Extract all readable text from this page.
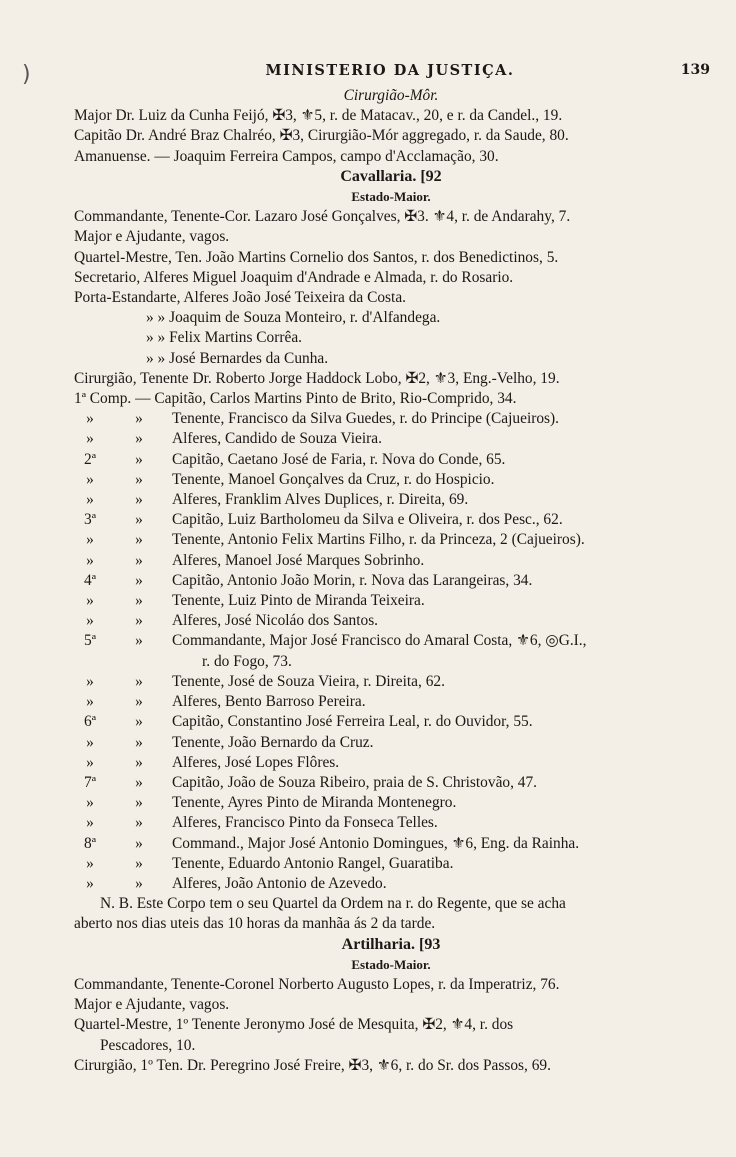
)	MINISTERIO DA JUSTIÇA.	139
Cirurgião-Môr.
Major Dr. Luiz da Cunha Feijó, ✠3, ⚜5, r. de Matacav., 20, e r. da Candel., 19.
Capitão Dr. André Braz Chalréo, ✠3, Cirurgião-Mór aggregado, r. da Saude, 80.
Amanuense. — Joaquim Ferreira Campos, campo d'Acclamação, 30.
Cavallaria. [92
Estado-Maior.
Commandante, Tenente-Cor. Lazaro José Gonçalves, ✠3. ⚜4, r. de Andarahy, 7.
Major e Ajudante, vagos.
Quartel-Mestre, Ten. João Martins Cornelio dos Santos, r. dos Benedictinos, 5.
Secretario, Alferes Miguel Joaquim d'Andrade e Almada, r. do Rosario.
Porta-Estandarte, Alferes João José Teixeira da Costa.
» » Joaquim de Souza Monteiro, r. d'Alfandega.
» » Felix Martins Corrêa.
» » José Bernardes da Cunha.
Cirurgião, Tenente Dr. Roberto Jorge Haddock Lobo, ✠2, ⚜3, Eng.-Velho, 19.
1ª Comp. — Capitão, Carlos Martins Pinto de Brito, Rio-Comprido, 34.
»	» Tenente, Francisco da Silva Guedes, r. do Principe (Cajueiros).
»	» Alferes, Candido de Souza Vieira.
2ª	» Capitão, Caetano José de Faria, r. Nova do Conde, 65.
»	» Tenente, Manoel Gonçalves da Cruz, r. do Hospicio.
»	» Alferes, Franklim Alves Duplices, r. Direita, 69.
3ª	» Capitão, Luiz Bartholomeu da Silva e Oliveira, r. dos Pesc., 62.
»	» Tenente, Antonio Felix Martins Filho, r. da Princeza, 2 (Cajueiros).
»	» Alferes, Manoel José Marques Sobrinho.
4ª	» Capitão, Antonio João Morin, r. Nova das Larangeiras, 34.
»	» Tenente, Luiz Pinto de Miranda Teixeira.
»	» Alferes, José Nicoláo dos Santos.
5ª	» Commandante, Major José Francisco do Amaral Costa, ⚜6, ◎G.I.,
r. do Fogo, 73.
»	» Tenente, José de Souza Vieira, r. Direita, 62.
»	» Alferes, Bento Barroso Pereira.
6ª	» Capitão, Constantino José Ferreira Leal, r. do Ouvidor, 55.
»	» Tenente, João Bernardo da Cruz.
»	» Alferes, José Lopes Flôres.
7ª	» Capitão, João de Souza Ribeiro, praia de S. Christovão, 47.
»	» Tenente, Ayres Pinto de Miranda Montenegro.
»	» Alferes, Francisco Pinto da Fonseca Telles.
8ª	» Command., Major José Antonio Domingues, ⚜6, Eng. da Rainha.
»	» Tenente, Eduardo Antonio Rangel, Guaratiba.
»	» Alferes, João Antonio de Azevedo.
N. B. Este Corpo tem o seu Quartel da Ordem na r. do Regente, que se acha
aberto nos dias uteis das 10 horas da manhãa ás 2 da tarde.
Artilharia. [93
Estado-Maior.
Commandante, Tenente-Coronel Norberto Augusto Lopes, r. da Imperatriz, 76.
Major e Ajudante, vagos.
Quartel-Mestre, 1º Tenente Jeronymo José de Mesquita, ✠2, ⚜4, r. dos
Pescadores, 10.
Cirurgião, 1º Ten. Dr. Peregrino José Freire, ✠3, ⚜6, r. do Sr. dos Passos, 69.
